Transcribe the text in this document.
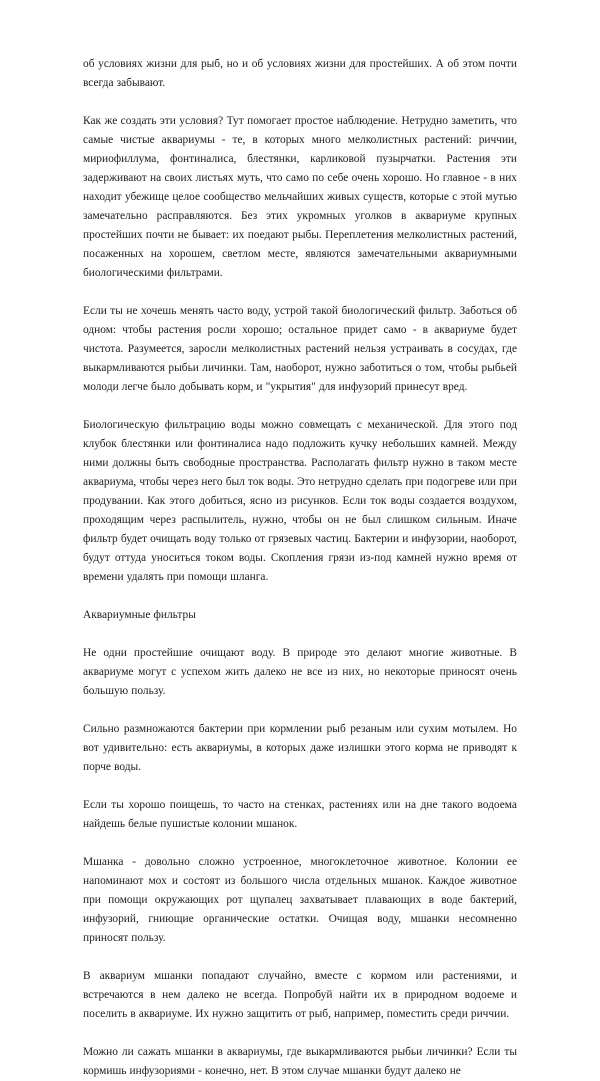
об условиях жизни для рыб, но и об условиях жизни для простейших. А об этом почти всегда забывают.

Как же создать эти условия? Тут помогает простое наблюдение. Нетрудно заметить, что самые чистые аквариумы - те, в которых много мелколистных растений: риччии, мириофиллума, фонтиналиса, блестянки, карликовой пузырчатки. Растения эти задерживают на своих листьях муть, что само по себе очень хорошо. Но главное - в них находит убежище целое сообщество мельчайших живых существ, которые с этой мутью замечательно расправляются. Без этих укромных уголков в аквариуме крупных простейших почти не бывает: их поедают рыбы. Переплетения мелколистных растений, посаженных на хорошем, светлом месте, являются замечательными аквариумными биологическими фильтрами.

Если ты не хочешь менять часто воду, устрой такой биологический фильтр. Заботься об одном: чтобы растения росли хорошо; остальное придет само - в аквариуме будет чистота. Разумеется, заросли мелколистных растений нельзя устраивать в сосудах, где выкармливаются рыбьи личинки. Там, наоборот, нужно заботиться о том, чтобы рыбьей молоди легче было добывать корм, и "укрытия" для инфузорий принесут вред.

Биологическую фильтрацию воды можно совмещать с механической. Для этого под клубок блестянки или фонтиналиса надо подложить кучку небольших камней. Между ними должны быть свободные пространства. Располагать фильтр нужно в таком месте аквариума, чтобы через него был ток воды. Это нетрудно сделать при подогреве или при продувании. Как этого добиться, ясно из рисунков. Если ток воды создается воздухом, проходящим через распылитель, нужно, чтобы он не был слишком сильным. Иначе фильтр будет очищать воду только от грязевых частиц. Бактерии и инфузории, наоборот, будут оттуда уноситься током воды. Скопления грязи из-под камней нужно время от времени удалять при помощи шланга.

Аквариумные фильтры

Не одни простейшие очищают воду. В природе это делают многие животные. В аквариуме могут с успехом жить далеко не все из них, но некоторые приносят очень большую пользу.

Сильно размножаются бактерии при кормлении рыб резаным или сухим мотылем. Но вот удивительно: есть аквариумы, в которых даже излишки этого корма не приводят к порче воды.

Если ты хорошо поищешь, то часто на стенках, растениях или на дне такого водоема найдешь белые пушистые колонии мшанок.

Мшанка - довольно сложно устроенное, многоклеточное животное. Колонии ее напоминают мох и состоят из большого числа отдельных мшанок. Каждое животное при помощи окружающих рот щупалец захватывает плавающих в воде бактерий, инфузорий, гниющие органические остатки. Очищая воду, мшанки несомненно приносят пользу.

В аквариум мшанки попадают случайно, вместе с кормом или растениями, и встречаются в нем далеко не всегда. Попробуй найти их в природном водоеме и поселить в аквариуме. Их нужно защитить от рыб, например, поместить среди риччии.

Можно ли сажать мшанки в аквариумы, где выкармливаются рыбьи личинки? Если ты кормишь инфузориями - конечно, нет. В этом случае мшанки будут далеко не
